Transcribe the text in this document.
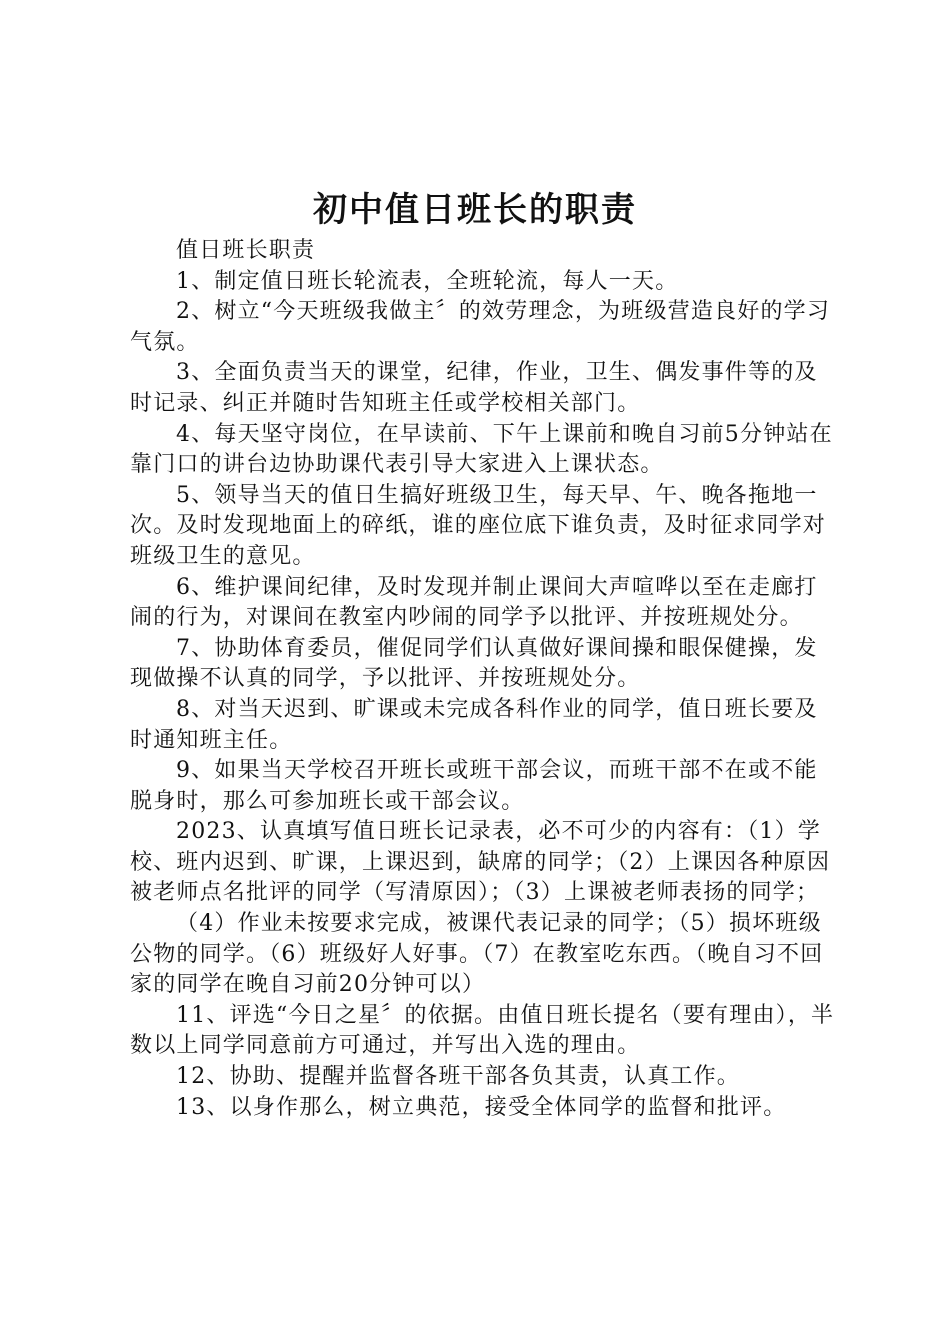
初中值日班长的职责

值日班长职责

1、制定值日班长轮流表，全班轮流，每人一天。

2、树立“今天班级我做主〞的效劳理念，为班级营造良好的学习气氛。

3、全面负责当天的课堂，纪律，作业，卫生、偶发事件等的及时记录、纠正并随时告知班主任或学校相关部门。

4、每天坚守岗位，在早读前、下午上课前和晚自习前5分钟站在靠门口的讲台边协助课代表引导大家进入上课状态。

5、领导当天的值日生搞好班级卫生，每天早、午、晚各拖地一次。及时发现地面上的碎纸，谁的座位底下谁负责，及时征求同学对班级卫生的意见。

6、维护课间纪律，及时发现并制止课间大声喧哗以至在走廊打闹的行为，对课间在教室内吵闹的同学予以批评、并按班规处分。

7、协助体育委员，催促同学们认真做好课间操和眼保健操，发现做操不认真的同学，予以批评、并按班规处分。

8、对当天迟到、旷课或未完成各科作业的同学，值日班长要及时通知班主任。

9、如果当天学校召开班长或班干部会议，而班干部不在或不能脱身时，那么可参加班长或干部会议。

2023、认真填写值日班长记录表，必不可少的内容有：（1）学校、班内迟到、旷课，上课迟到，缺席的同学；（2）上课因各种原因被老师点名批评的同学（写清原因）；（3）上课被老师表扬的同学；

（4）作业未按要求完成，被课代表记录的同学；（5）损坏班级公物的同学。（6）班级好人好事。（7）在教室吃东西。（晚自习不回家的同学在晚自习前20分钟可以）

11、评选“今日之星〞的依据。由值日班长提名（要有理由），半数以上同学同意前方可通过，并写出入选的理由。

12、协助、提醒并监督各班干部各负其责，认真工作。

13、以身作那么，树立典范，接受全体同学的监督和批评。
